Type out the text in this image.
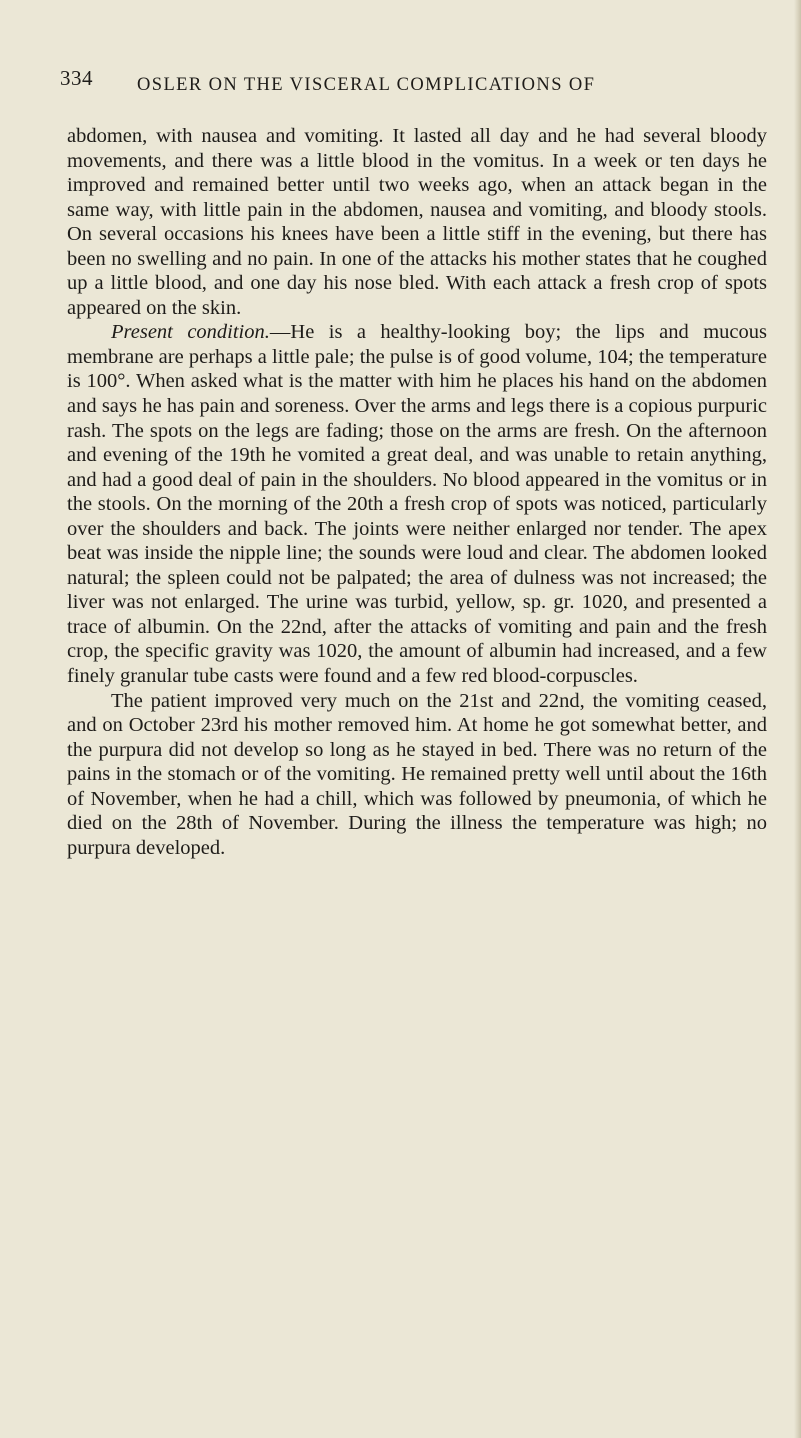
334 OSLER ON THE VISCERAL COMPLICATIONS OF

abdomen, with nausea and vomiting. It lasted all day and he had several bloody movements, and there was a little blood in the vomitus. In a week or ten days he improved and remained better until two weeks ago, when an attack began in the same way, with little pain in the abdomen, nausea and vomiting, and bloody stools. On several occasions his knees have been a little stiff in the evening, but there has been no swelling and no pain. In one of the attacks his mother states that he coughed up a little blood, and one day his nose bled. With each attack a fresh crop of spots appeared on the skin.

Present condition.—He is a healthy-looking boy; the lips and mucous membrane are perhaps a little pale; the pulse is of good volume, 104; the temperature is 100°. When asked what is the matter with him he places his hand on the abdomen and says he has pain and soreness. Over the arms and legs there is a copious purpuric rash. The spots on the legs are fading; those on the arms are fresh. On the afternoon and evening of the 19th he vomited a great deal, and was unable to retain anything, and had a good deal of pain in the shoulders. No blood appeared in the vomitus or in the stools. On the morning of the 20th a fresh crop of spots was noticed, particularly over the shoulders and back. The joints were neither enlarged nor tender. The apex beat was inside the nipple line; the sounds were loud and clear. The abdomen looked natural; the spleen could not be palpated; the area of dulness was not increased; the liver was not enlarged. The urine was turbid, yellow, sp. gr. 1020, and presented a trace of albumin. On the 22nd, after the attacks of vomiting and pain and the fresh crop, the specific gravity was 1020, the amount of albumin had increased, and a few finely granular tube casts were found and a few red blood-corpuscles.

The patient improved very much on the 21st and 22nd, the vomiting ceased, and on October 23rd his mother removed him. At home he got somewhat better, and the purpura did not develop so long as he stayed in bed. There was no return of the pains in the stomach or of the vomiting. He remained pretty well until about the 16th of November, when he had a chill, which was followed by pneumonia, of which he died on the 28th of November. During the illness the temperature was high; no purpura developed.
